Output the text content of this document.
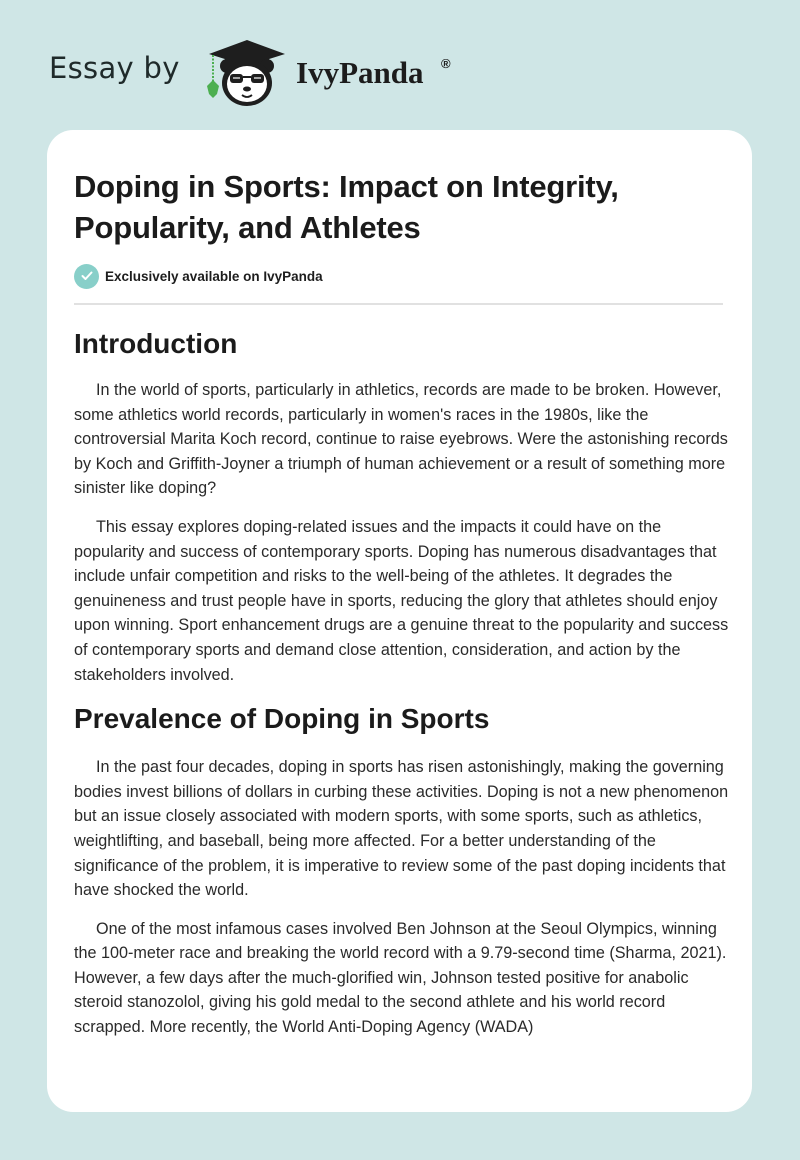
Essay by	IvyPanda ®
Doping in Sports: Impact on Integrity, Popularity, and Athletes
Exclusively available on IvyPanda
Introduction

In the world of sports, particularly in athletics, records are made to be broken. However, some athletics world records, particularly in women's races in the 1980s, like the controversial Marita Koch record, continue to raise eyebrows. Were the astonishing records by Koch and Griffith-Joyner a triumph of human achievement or a result of something more sinister like doping?

This essay explores doping-related issues and the impacts it could have on the popularity and success of contemporary sports. Doping has numerous disadvantages that include unfair competition and risks to the well-being of the athletes. It degrades the genuineness and trust people have in sports, reducing the glory that athletes should enjoy upon winning. Sport enhancement drugs are a genuine threat to the popularity and success of contemporary sports and demand close attention, consideration, and action by the stakeholders involved.

Prevalence of Doping in Sports

In the past four decades, doping in sports has risen astonishingly, making the governing bodies invest billions of dollars in curbing these activities. Doping is not a new phenomenon but an issue closely associated with modern sports, with some sports, such as athletics, weightlifting, and baseball, being more affected. For a better understanding of the significance of the problem, it is imperative to review some of the past doping incidents that have shocked the world.

One of the most infamous cases involved Ben Johnson at the Seoul Olympics, winning the 100-meter race and breaking the world record with a 9.79-second time (Sharma, 2021). However, a few days after the much-glorified win, Johnson tested positive for anabolic steroid stanozolol, giving his gold medal to the second athlete and his world record scrapped. More recently, the World Anti-Doping Agency (WADA)
